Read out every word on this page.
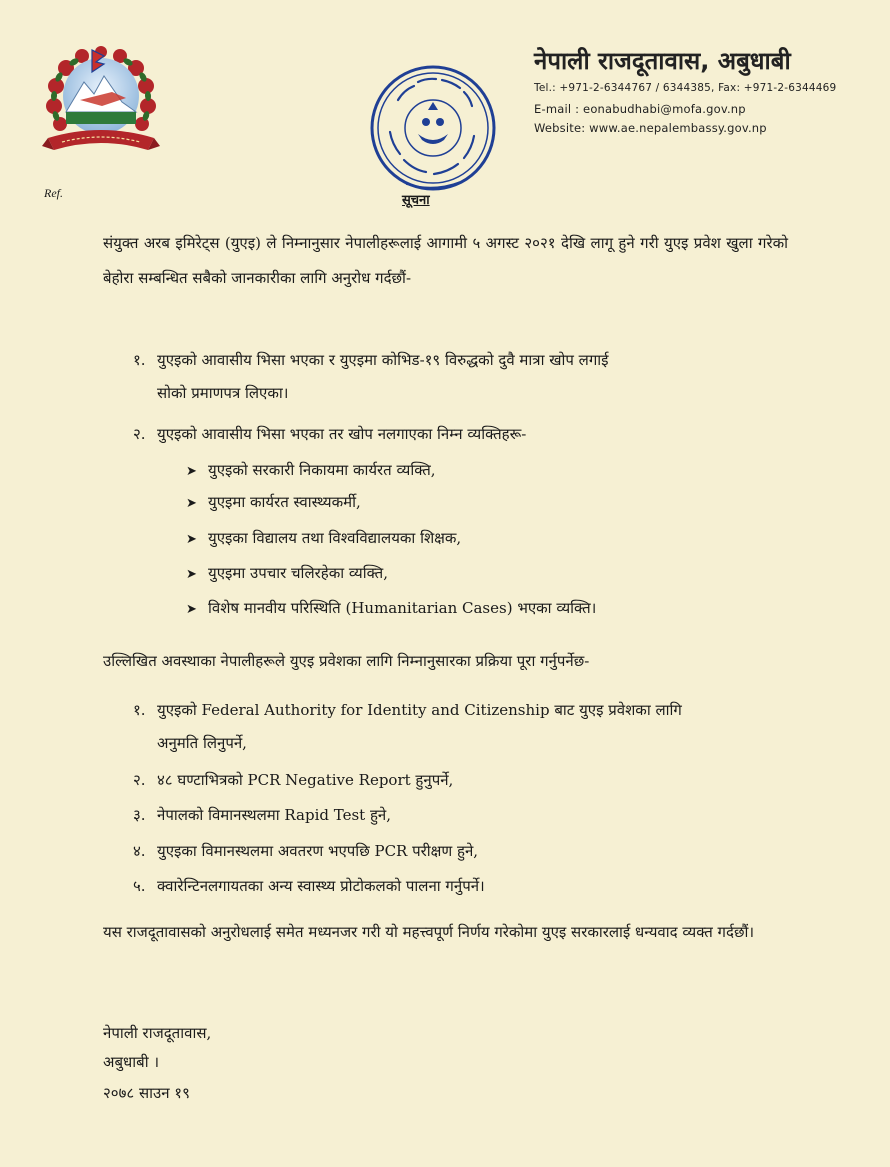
नेपाली राजदूतावास, अबुधाबी
Tel.: +971-2-6344767 / 6344385, Fax: +971-2-6344469
E-mail : eonabudhabi@mofa.gov.np
Website: www.ae.nepalembassy.gov.np
Ref.	सूचना
संयुक्त अरब इमिरेट्स (युएइ) ले निम्नानुसार नेपालीहरूलाई आगामी ५ अगस्ट २०२१ देखि लागू हुने गरी युएइ प्रवेश खुला गरेको बेहोरा सम्बन्धित सबैको जानकारीका लागि अनुरोध गर्दछौं-
१. युएइको आवासीय भिसा भएका र युएइमा कोभिड-१९ विरुद्धको दुवै मात्रा खोप लगाई
सोको प्रमाणपत्र लिएका।
२. युएइको आवासीय भिसा भएका तर खोप नलगाएका निम्न व्यक्तिहरू-
➤ युएइको सरकारी निकायमा कार्यरत व्यक्ति,
➤ युएइमा कार्यरत स्वास्थ्यकर्मी,
➤ युएइका विद्यालय तथा विश्वविद्यालयका शिक्षक,
➤ युएइमा उपचार चलिरहेका व्यक्ति,
➤ विशेष मानवीय परिस्थिति (Humanitarian Cases) भएका व्यक्ति।
उल्लिखित अवस्थाका नेपालीहरूले युएइ प्रवेशका लागि निम्नानुसारका प्रक्रिया पूरा गर्नुपर्नेछ-
१. युएइको Federal Authority for Identity and Citizenship बाट युएइ प्रवेशका लागि
अनुमति लिनुपर्ने,
२. ४८ घण्टाभित्रको PCR Negative Report हुनुपर्ने,
३. नेपालको विमानस्थलमा Rapid Test हुने,
४. युएइका विमानस्थलमा अवतरण भएपछि PCR परीक्षण हुने,
५. क्वारेन्टिनलगायतका अन्य स्वास्थ्य प्रोटोकलको पालना गर्नुपर्ने।
यस राजदूतावासको अनुरोधलाई समेत मध्यनजर गरी यो महत्त्वपूर्ण निर्णय गरेकोमा युएइ सरकारलाई धन्यवाद व्यक्त गर्दछौं।
नेपाली राजदूतावास,
अबुधाबी ।
२०७८ साउन १९
